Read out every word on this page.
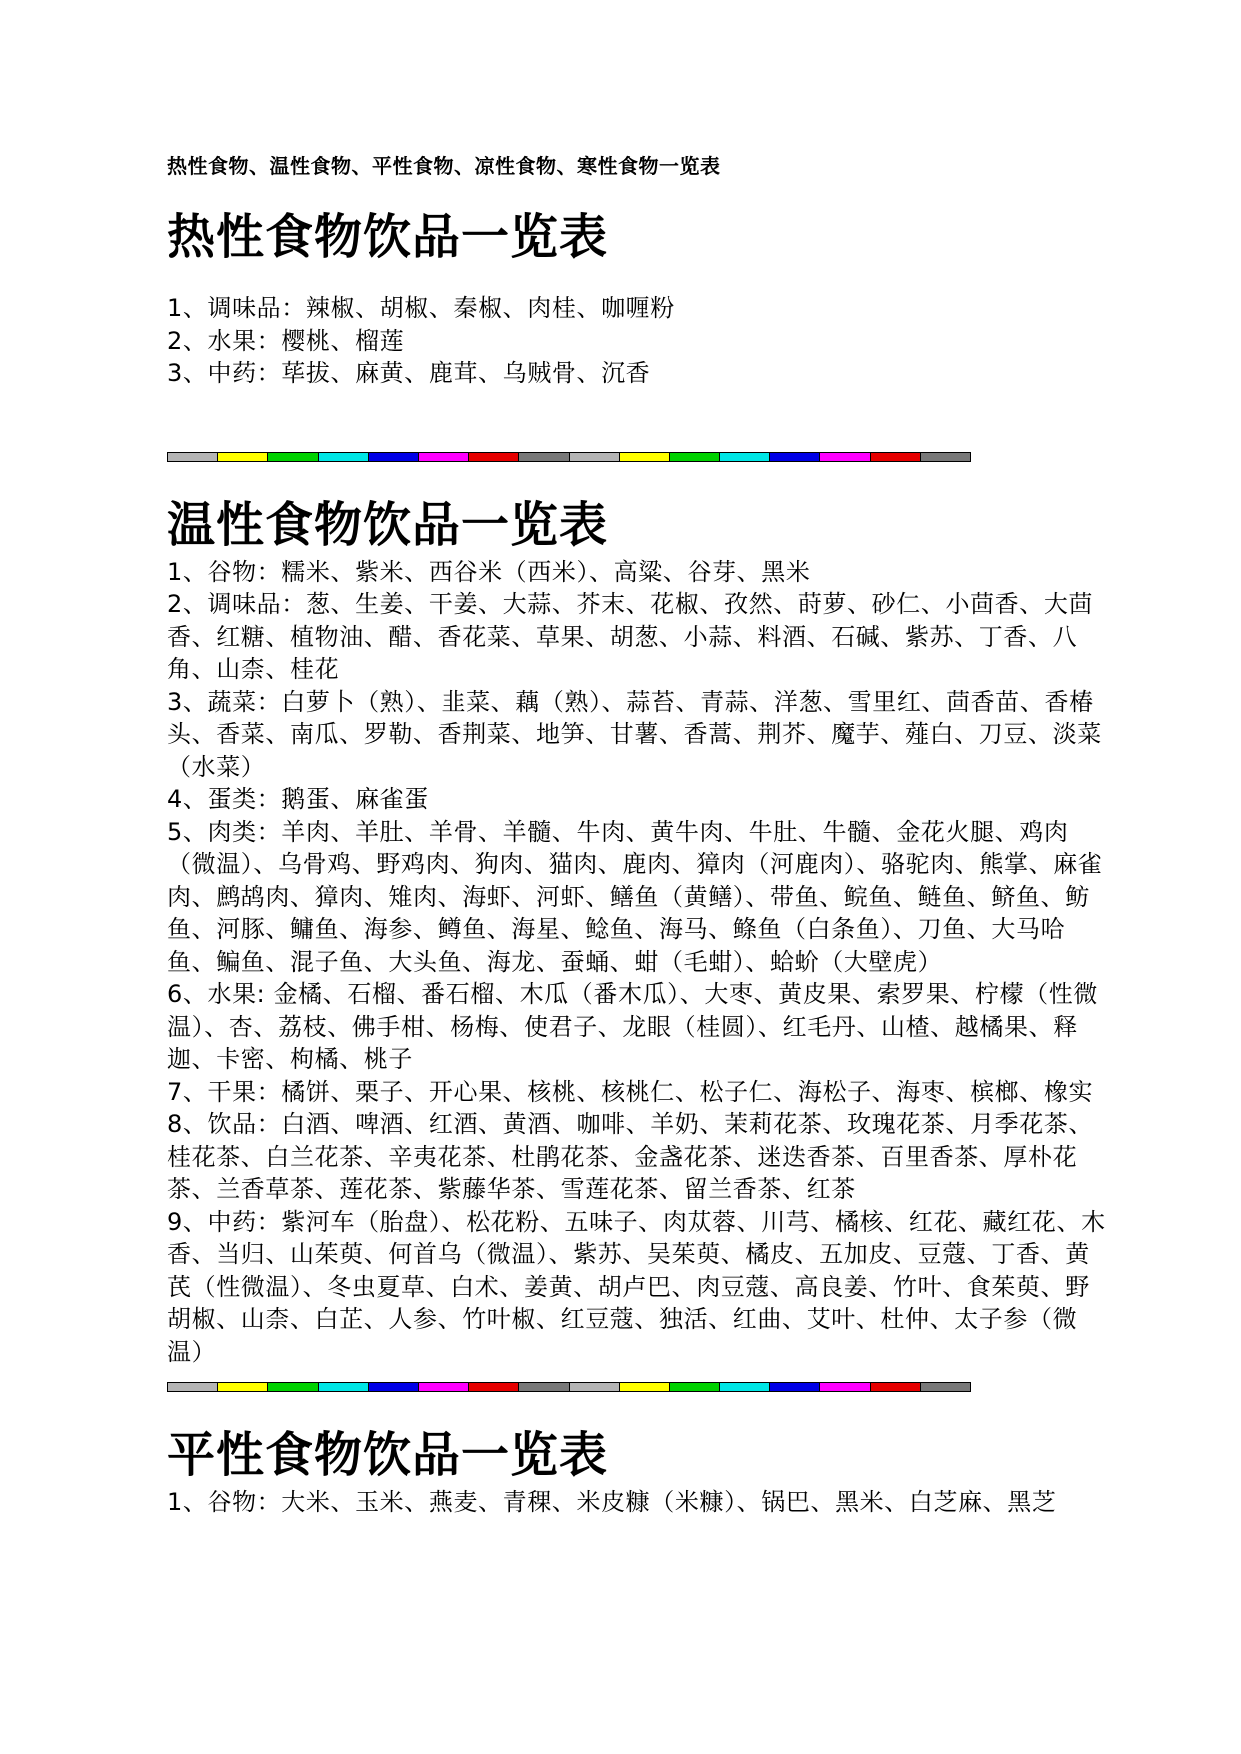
热性食物、温性食物、平性食物、凉性食物、寒性食物一览表

热性食物饮品一览表

1、调味品：辣椒、胡椒、秦椒、肉桂、咖喱粉

2、水果：樱桃、榴莲

3、中药：荜拔、麻黄、鹿茸、乌贼骨、沉香

温性食物饮品一览表

1、谷物：糯米、紫米、西谷米（西米）、高粱、谷芽、黑米

2、调味品：葱、生姜、干姜、大蒜、芥末、花椒、孜然、莳萝、砂仁、小茴香、大茴香、红糖、植物油、醋、香花菜、草果、胡葱、小蒜、料酒、石碱、紫苏、丁香、八角、山柰、桂花

3、蔬菜：白萝卜（熟）、韭菜、藕（熟）、蒜苔、青蒜、洋葱、雪里红、茴香苗、香椿头、香菜、南瓜、罗勒、香荆菜、地笋、甘薯、香蒿、荆芥、魔芋、薤白、刀豆、淡菜（水菜）

4、蛋类：鹅蛋、麻雀蛋

5、肉类：羊肉、羊肚、羊骨、羊髓、牛肉、黄牛肉、牛肚、牛髓、金花火腿、鸡肉（微温）、乌骨鸡、野鸡肉、狗肉、猫肉、鹿肉、獐肉（河鹿肉）、骆驼肉、熊掌、麻雀肉、鹧鸪肉、獐肉、雉肉、海虾、河虾、鳝鱼（黄鳝）、带鱼、鲩鱼、鲢鱼、鲚鱼、鲂鱼、河豚、鳙鱼、海参、鳟鱼、海星、鲶鱼、海马、鲦鱼（白条鱼）、刀鱼、大马哈鱼、鳊鱼、混子鱼、大头鱼、海龙、蚕蛹、蚶（毛蚶）、蛤蚧（大壁虎）

6、水果: 金橘、石榴、番石榴、木瓜（番木瓜）、大枣、黄皮果、索罗果、柠檬（性微温）、杏、荔枝、佛手柑、杨梅、使君子、龙眼（桂圆）、红毛丹、山楂、越橘果、释迦、卡密、枸橘、桃子

7、干果：橘饼、栗子、开心果、核桃、核桃仁、松子仁、海松子、海枣、槟榔、橡实

8、饮品：白酒、啤酒、红酒、黄酒、咖啡、羊奶、茉莉花茶、玫瑰花茶、月季花茶、桂花茶、白兰花茶、辛夷花茶、杜鹃花茶、金盏花茶、迷迭香茶、百里香茶、厚朴花茶、兰香草茶、莲花茶、紫藤华茶、雪莲花茶、留兰香茶、红茶

9、中药：紫河车（胎盘）、松花粉、五味子、肉苁蓉、川芎、橘核、红花、藏红花、木香、当归、山茱萸、何首乌（微温）、紫苏、吴茱萸、橘皮、五加皮、豆蔻、丁香、黄芪（性微温）、冬虫夏草、白术、姜黄、胡卢巴、肉豆蔻、高良姜、竹叶、食茱萸、野胡椒、山柰、白芷、人参、竹叶椒、红豆蔻、独活、红曲、艾叶、杜仲、太子参（微温）

平性食物饮品一览表

1、谷物：大米、玉米、燕麦、青稞、米皮糠（米糠）、锅巴、黑米、白芝麻、黑芝
